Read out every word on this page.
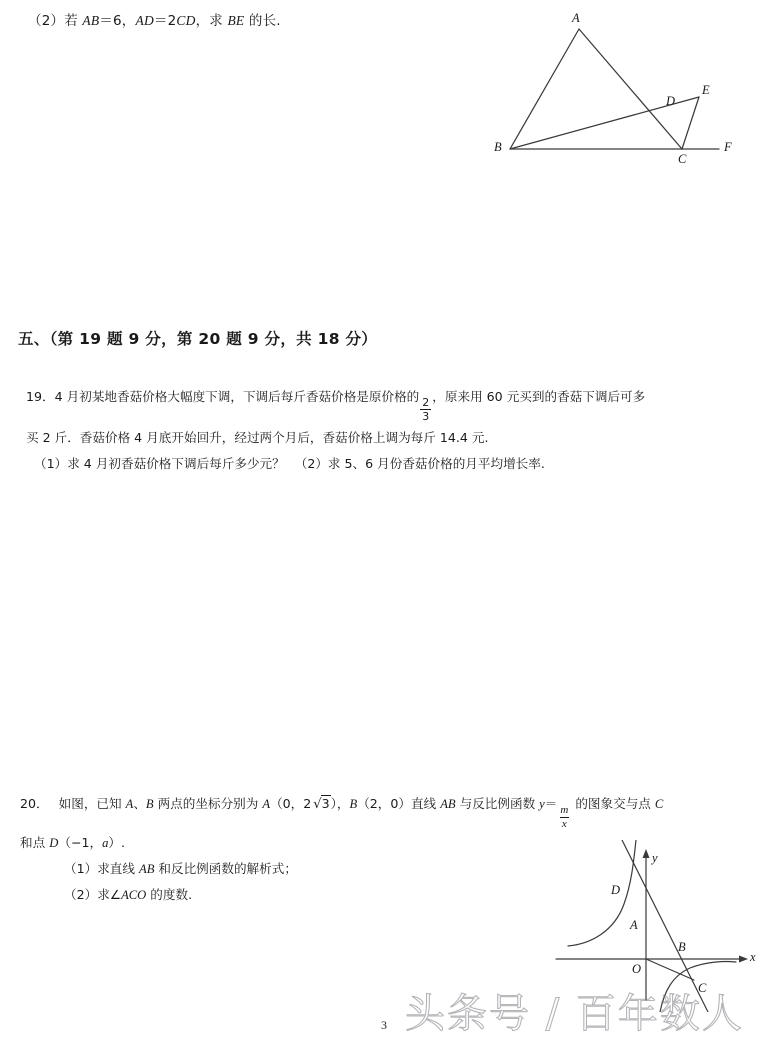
（2）若 AB＝6，AD＝2CD，求 BE 的长.	A
B
C
D
E
F
五、（第 19 题 9 分，第 20 题 9 分，共 18 分）
19．4 月初某地香菇价格大幅度下调，下调后每斤香菇价格是原价格的
$\frac{2}{3}$
，原来用 60 元买到的香菇下调后可多
买 2 斤．香菇价格 4 月底开始回升，经过两个月后，香菇价格上调为每斤 14.4 元.
（1）求 4 月初香菇价格下调后每斤多少元？ （2）求 5、6 月份香菇价格的月平均增长率.
20． 如图，已知 A、B 两点的坐标分别为 A（0，2 √3），B（2，0）直线 AB 与反比例函数 y＝
$\frac{m}{x}$
的图象交与点 C
和点 D（−1，a）.
（1）求直线 AB 和反比例函数的解析式；
（2）求∠ACO 的度数.	D
A
B
C
O
x
y
头条号 / 百年数人
3
